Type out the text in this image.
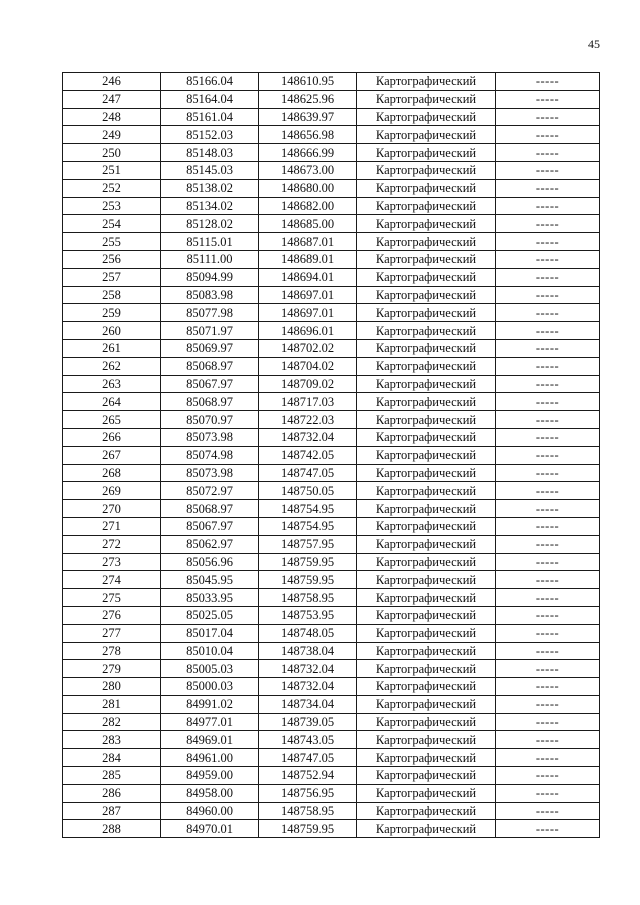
45
246	85166.04	148610.95	Картографический	-----
247	85164.04	148625.96	Картографический	-----
248	85161.04	148639.97	Картографический	-----
249	85152.03	148656.98	Картографический	-----
250	85148.03	148666.99	Картографический	-----
251	85145.03	148673.00	Картографический	-----
252	85138.02	148680.00	Картографический	-----
253	85134.02	148682.00	Картографический	-----
254	85128.02	148685.00	Картографический	-----
255	85115.01	148687.01	Картографический	-----
256	85111.00	148689.01	Картографический	-----
257	85094.99	148694.01	Картографический	-----
258	85083.98	148697.01	Картографический	-----
259	85077.98	148697.01	Картографический	-----
260	85071.97	148696.01	Картографический	-----
261	85069.97	148702.02	Картографический	-----
262	85068.97	148704.02	Картографический	-----
263	85067.97	148709.02	Картографический	-----
264	85068.97	148717.03	Картографический	-----
265	85070.97	148722.03	Картографический	-----
266	85073.98	148732.04	Картографический	-----
267	85074.98	148742.05	Картографический	-----
268	85073.98	148747.05	Картографический	-----
269	85072.97	148750.05	Картографический	-----
270	85068.97	148754.95	Картографический	-----
271	85067.97	148754.95	Картографический	-----
272	85062.97	148757.95	Картографический	-----
273	85056.96	148759.95	Картографический	-----
274	85045.95	148759.95	Картографический	-----
275	85033.95	148758.95	Картографический	-----
276	85025.05	148753.95	Картографический	-----
277	85017.04	148748.05	Картографический	-----
278	85010.04	148738.04	Картографический	-----
279	85005.03	148732.04	Картографический	-----
280	85000.03	148732.04	Картографический	-----
281	84991.02	148734.04	Картографический	-----
282	84977.01	148739.05	Картографический	-----
283	84969.01	148743.05	Картографический	-----
284	84961.00	148747.05	Картографический	-----
285	84959.00	148752.94	Картографический	-----
286	84958.00	148756.95	Картографический	-----
287	84960.00	148758.95	Картографический	-----
288	84970.01	148759.95	Картографический	-----
